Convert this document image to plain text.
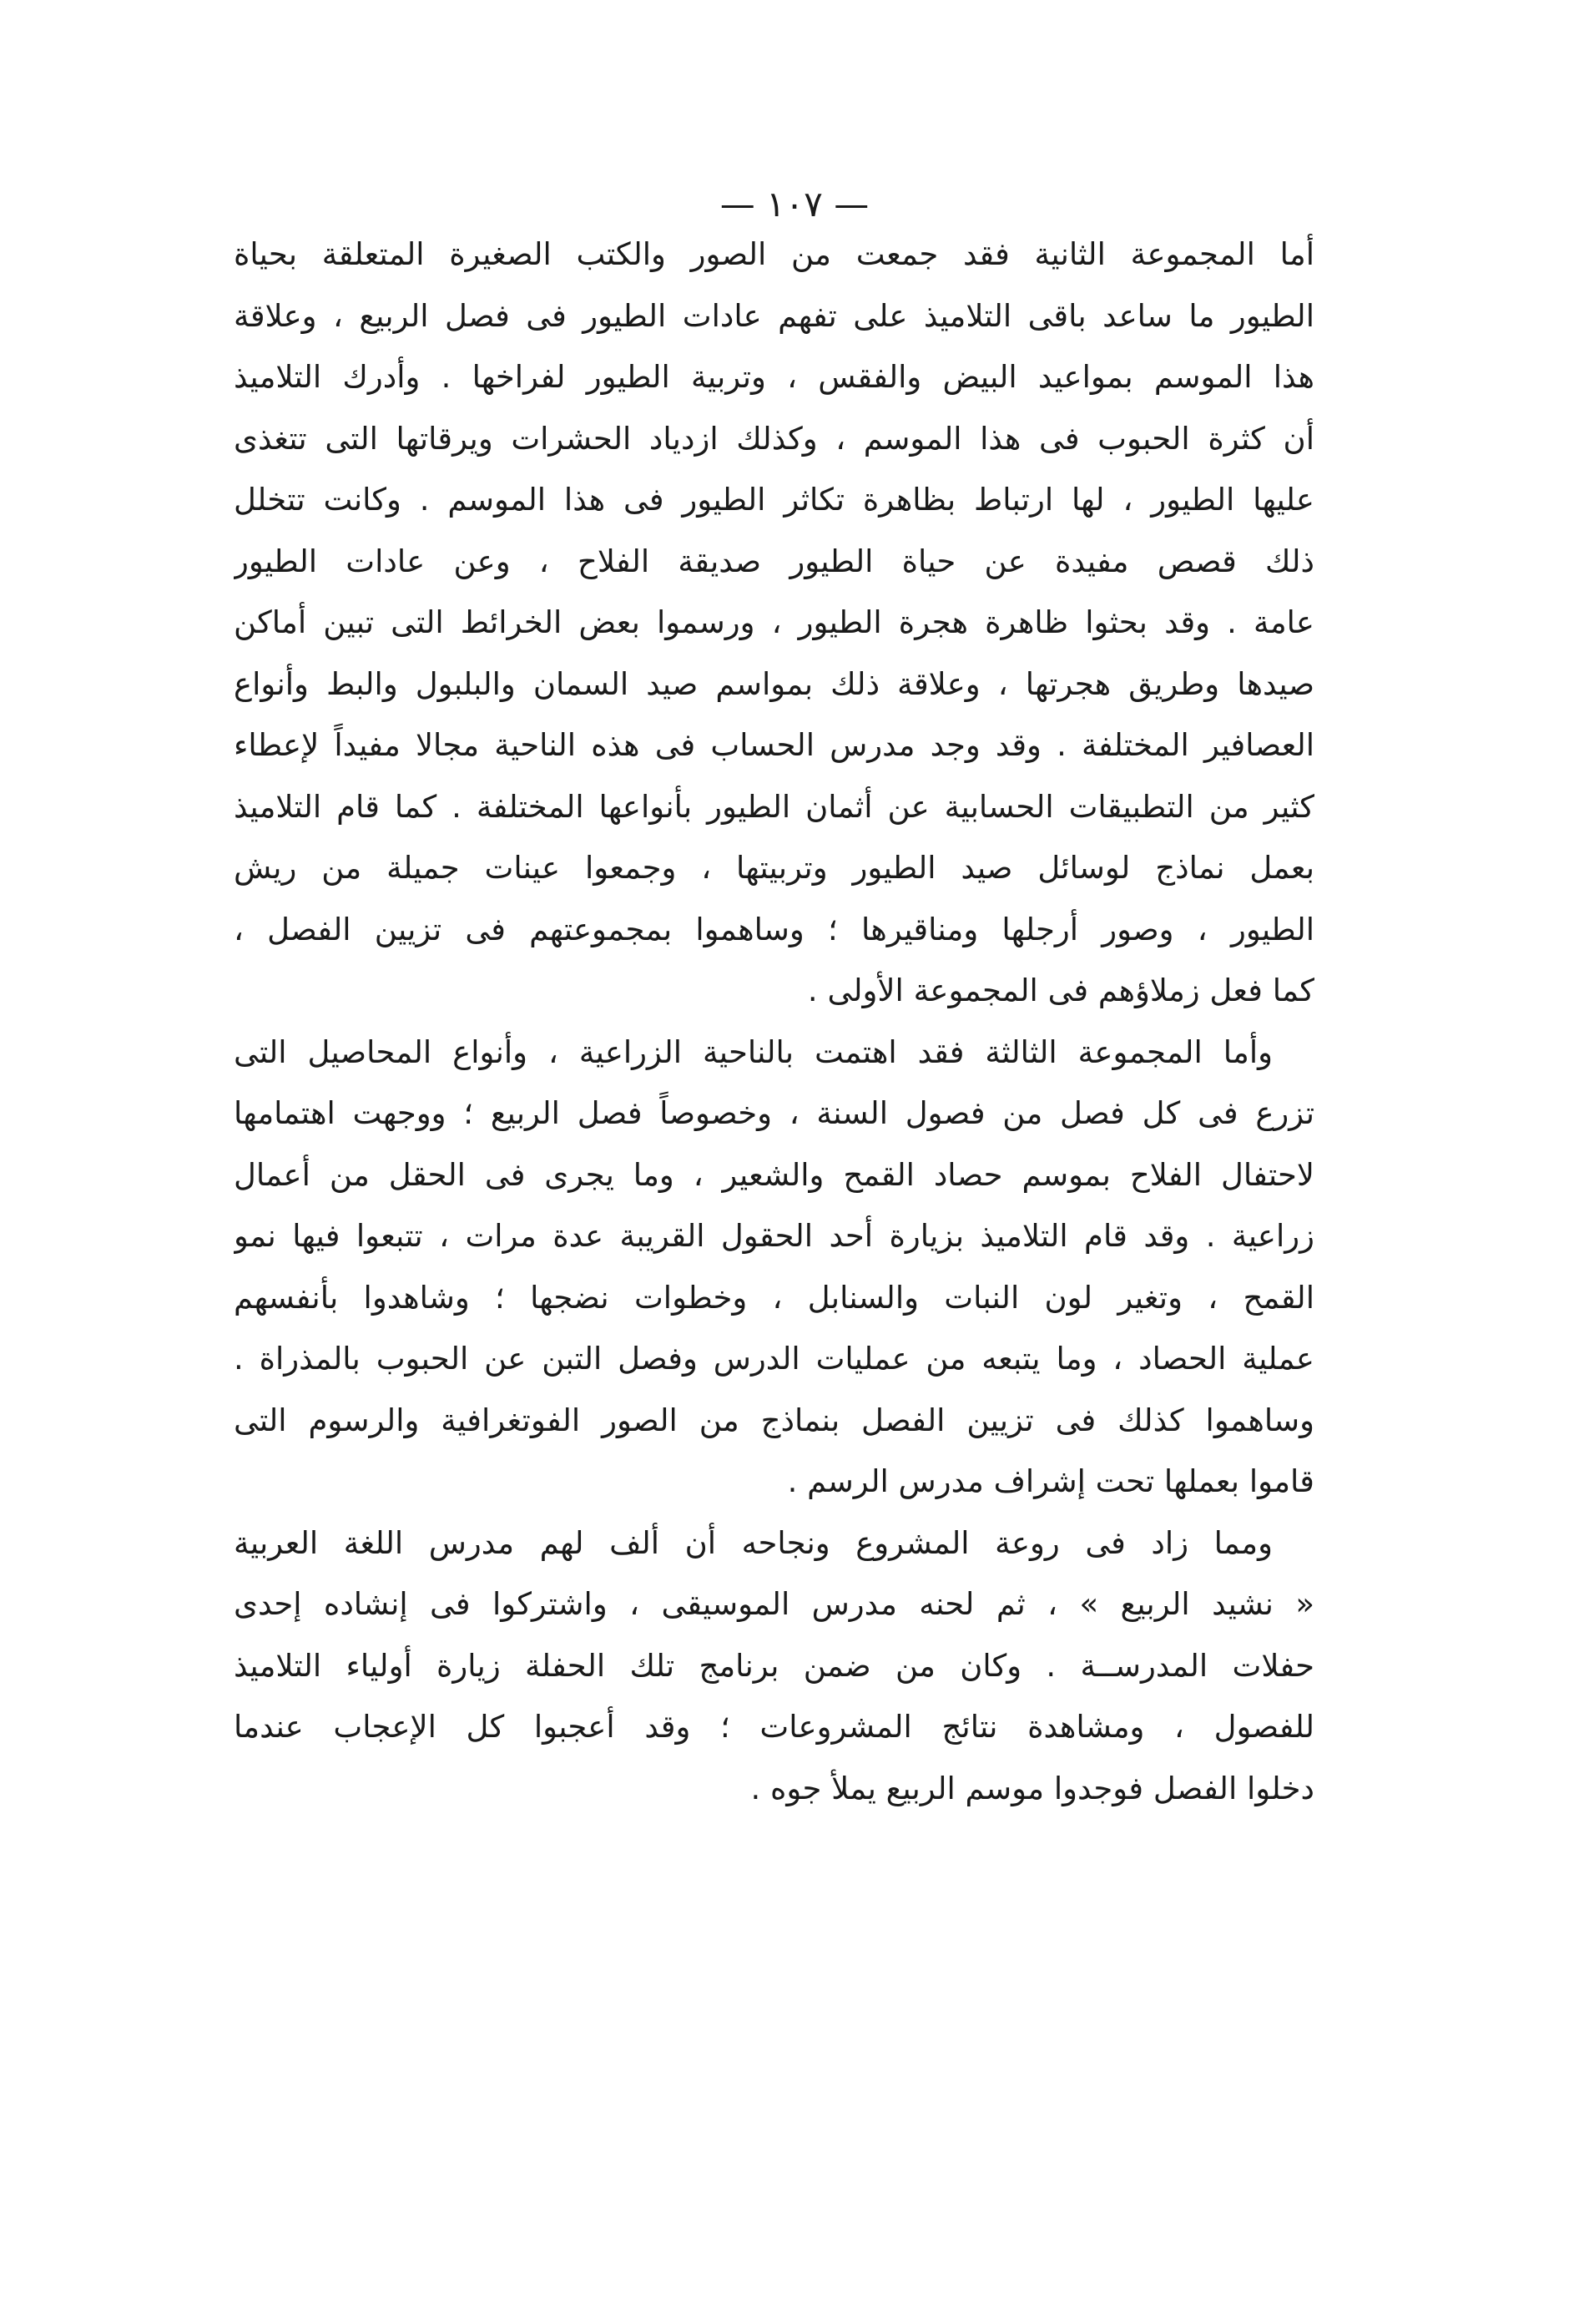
— ١٠٧ —
أما المجموعة الثانية فقد جمعت من الصور والكتب الصغيرة المتعلقة بحياة
الطيور ما ساعد باقى التلاميذ على تفهم عادات الطيور فى فصل الربيع ، وعلاقة
هذا الموسم بمواعيد البيض والفقس ، وتربية الطيور لفراخها . وأدرك التلاميذ
أن كثرة الحبوب فى هذا الموسم ، وكذلك ازدياد الحشرات ويرقاتها التى تتغذى
عليها الطيور ، لها ارتباط بظاهرة تكاثر الطيور فى هذا الموسم . وكانت تتخلل
ذلك قصص مفيدة عن حياة الطيور صديقة الفلاح ، وعن عادات الطيور
عامة . وقد بحثوا ظاهرة هجرة الطيور ، ورسموا بعض الخرائط التى تبين أماكن
صيدها وطريق هجرتها ، وعلاقة ذلك بمواسم صيد السمان والبلبول والبط وأنواع
العصافير المختلفة . وقد وجد مدرس الحساب فى هذه الناحية مجالا مفيداً لإعطاء
كثير من التطبيقات الحسابية عن أثمان الطيور بأنواعها المختلفة . كما قام التلاميذ
بعمل نماذج لوسائل صيد الطيور وتربيتها ، وجمعوا عينات جميلة من ريش
الطيور ، وصور أرجلها ومناقيرها ؛ وساهموا بمجموعتهم فى تزيين الفصل ،
كما فعل زملاؤهم فى المجموعة الأولى .
وأما المجموعة الثالثة فقد اهتمت بالناحية الزراعية ، وأنواع المحاصيل التى
تزرع فى كل فصل من فصول السنة ، وخصوصاً فصل الربيع ؛ ووجهت اهتمامها
لاحتفال الفلاح بموسم حصاد القمح والشعير ، وما يجرى فى الحقل من أعمال
زراعية . وقد قام التلاميذ بزيارة أحد الحقول القريبة عدة مرات ، تتبعوا فيها نمو
القمح ، وتغير لون النبات والسنابل ، وخطوات نضجها ؛ وشاهدوا بأنفسهم
عملية الحصاد ، وما يتبعه من عمليات الدرس وفصل التبن عن الحبوب بالمذراة .
وساهموا كذلك فى تزيين الفصل بنماذج من الصور الفوتغرافية والرسوم التى
قاموا بعملها تحت إشراف مدرس الرسم .
ومما زاد فى روعة المشروع ونجاحه أن ألف لهم مدرس اللغة العربية
« نشيد الربيع » ، ثم لحنه مدرس الموسيقى ، واشتركوا فى إنشاده إحدى
حفلات المدرســة . وكان من ضمن برنامج تلك الحفلة زيارة أولياء التلاميذ
للفصول ، ومشاهدة نتائج المشروعات ؛ وقد أعجبوا كل الإعجاب عندما
دخلوا الفصل فوجدوا موسم الربيع يملأ جوه .
